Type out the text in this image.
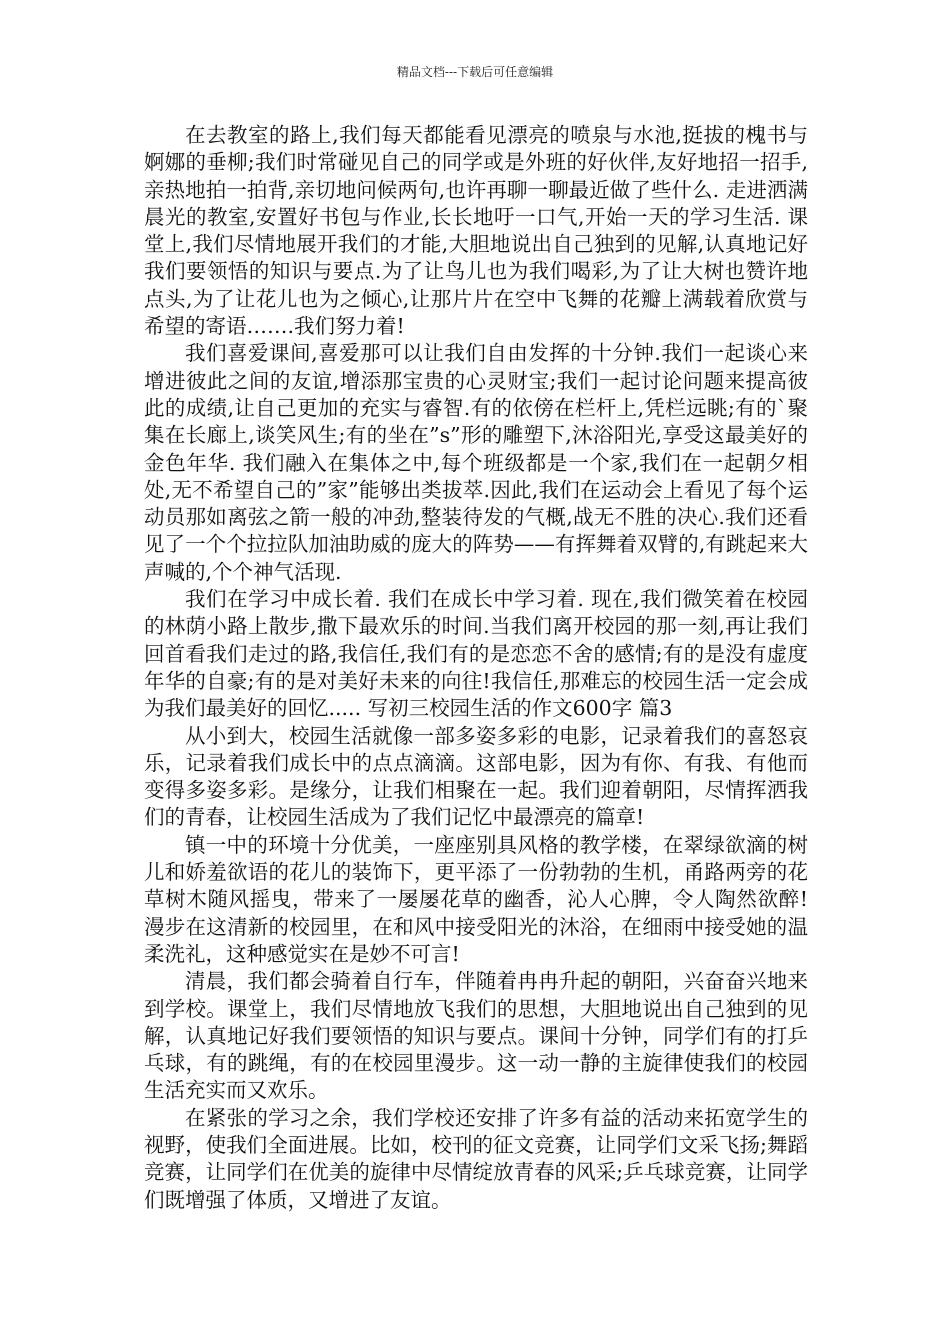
精品文档---下载后可任意编辑

在去教室的路上,我们每天都能看见漂亮的喷泉与水池,挺拔的槐书与婀娜的垂柳;我们时常碰见自己的同学或是外班的好伙伴,友好地招一招手,亲热地拍一拍背,亲切地问候两句,也许再聊一聊最近做了些什么. 走进洒满晨光的教室,安置好书包与作业,长长地吁一口气,开始一天的学习生活. 课堂上,我们尽情地展开我们的才能,大胆地说出自己独到的见解,认真地记好我们要领悟的知识与要点.为了让鸟儿也为我们喝彩,为了让大树也赞许地点头,为了让花儿也为之倾心,让那片片在空中飞舞的花瓣上满载着欣赏与希望的寄语…….我们努力着!

我们喜爱课间,喜爱那可以让我们自由发挥的十分钟.我们一起谈心来增进彼此之间的友谊,增添那宝贵的心灵财宝;我们一起讨论问题来提高彼此的成绩,让自己更加的充实与睿智.有的依傍在栏杆上,凭栏远眺;有的`聚集在长廊上,谈笑风生;有的坐在”s”形的雕塑下,沐浴阳光,享受这最美好的金色年华. 我们融入在集体之中,每个班级都是一个家,我们在一起朝夕相处,无不希望自己的”家”能够出类拔萃.因此,我们在运动会上看见了每个运动员那如离弦之箭一般的冲劲,整装待发的气概,战无不胜的决心.我们还看见了一个个拉拉队加油助威的庞大的阵势——有挥舞着双臂的,有跳起来大声喊的,个个神气活现.

我们在学习中成长着. 我们在成长中学习着. 现在,我们微笑着在校园的林荫小路上散步,撒下最欢乐的时间.当我们离开校园的那一刻,再让我们回首看我们走过的路,我信任,我们有的是恋恋不舍的感情;有的是没有虚度年华的自豪;有的是对美好未来的向往!我信任,那难忘的校园生活一定会成为我们最美好的回忆..... 写初三校园生活的作文600字 篇3

从小到大，校园生活就像一部多姿多彩的电影，记录着我们的喜怒哀乐，记录着我们成长中的点点滴滴。这部电影，因为有你、有我、有他而变得多姿多彩。是缘分，让我们相聚在一起。我们迎着朝阳，尽情挥洒我们的青春，让校园生活成为了我们记忆中最漂亮的篇章!

镇一中的环境十分优美，一座座别具风格的教学楼，在翠绿欲滴的树儿和娇羞欲语的花儿的装饰下，更平添了一份勃勃的生机，甬路两旁的花草树木随风摇曳，带来了一屡屡花草的幽香，沁人心脾，令人陶然欲醉!漫步在这清新的校园里，在和风中接受阳光的沐浴，在细雨中接受她的温柔洗礼，这种感觉实在是妙不可言!

清晨，我们都会骑着自行车，伴随着冉冉升起的朝阳，兴奋奋兴地来到学校。课堂上，我们尽情地放飞我们的思想，大胆地说出自己独到的见解，认真地记好我们要领悟的知识与要点。课间十分钟，同学们有的打乒乓球，有的跳绳，有的在校园里漫步。这一动一静的主旋律使我们的校园生活充实而又欢乐。

在紧张的学习之余，我们学校还安排了许多有益的活动来拓宽学生的视野，使我们全面进展。比如，校刊的征文竞赛，让同学们文采飞扬;舞蹈竞赛，让同学们在优美的旋律中尽情绽放青春的风采;乒乓球竞赛，让同学们既增强了体质，又增进了友谊。
